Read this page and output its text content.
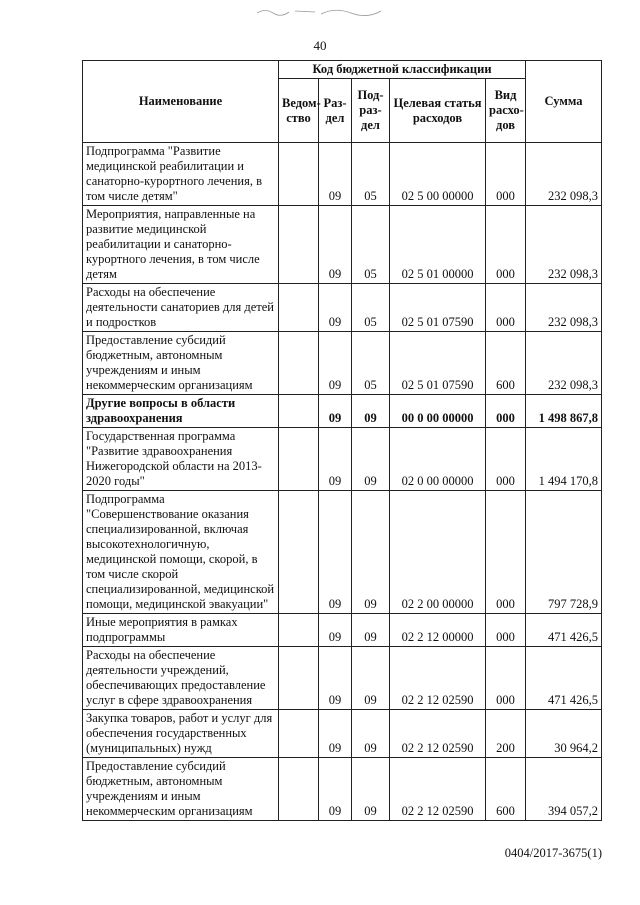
40
Наименование	Код бюджетной классификации					Сумма
	Ведом-ство	Раз-дел	Под-раз-дел	Целевая статья расходов	Вид расхо-дов	
Подпрограмма "Развитие медицинской реабилитации и санаторно-курортного лечения, в том числе детям"		09	05	02 5 00 00000	000	232 098,3
Мероприятия, направленные на развитие медицинской реабилитации и санаторно-курортного лечения, в том числе детям		09	05	02 5 01 00000	000	232 098,3
Расходы на обеспечение деятельности санаториев для детей и подростков		09	05	02 5 01 07590	000	232 098,3
Предоставление субсидий бюджетным, автономным учреждениям и иным некоммерческим организациям		09	05	02 5 01 07590	600	232 098,3
Другие вопросы в области здравоохранения		09	09	00 0 00 00000	000	1 498 867,8
Государственная программа "Развитие здравоохранения Нижегородской области на 2013-2020 годы"		09	09	02 0 00 00000	000	1 494 170,8
Подпрограмма "Совершенствование оказания специализированной, включая высокотехнологичную, медицинской помощи, скорой, в том числе скорой специализированной, медицинской помощи, медицинской эвакуации"		09	09	02 2 00 00000	000	797 728,9
Иные мероприятия в рамках подпрограммы		09	09	02 2 12 00000	000	471 426,5
Расходы на обеспечение деятельности учреждений, обеспечивающих предоставление услуг в сфере здравоохранения		09	09	02 2 12 02590	000	471 426,5
Закупка товаров, работ и услуг для обеспечения государственных (муниципальных) нужд		09	09	02 2 12 02590	200	30 964,2
Предоставление субсидий бюджетным, автономным учреждениям и иным некоммерческим организациям		09	09	02 2 12 02590	600	394 057,2
0404/2017-3675(1)
